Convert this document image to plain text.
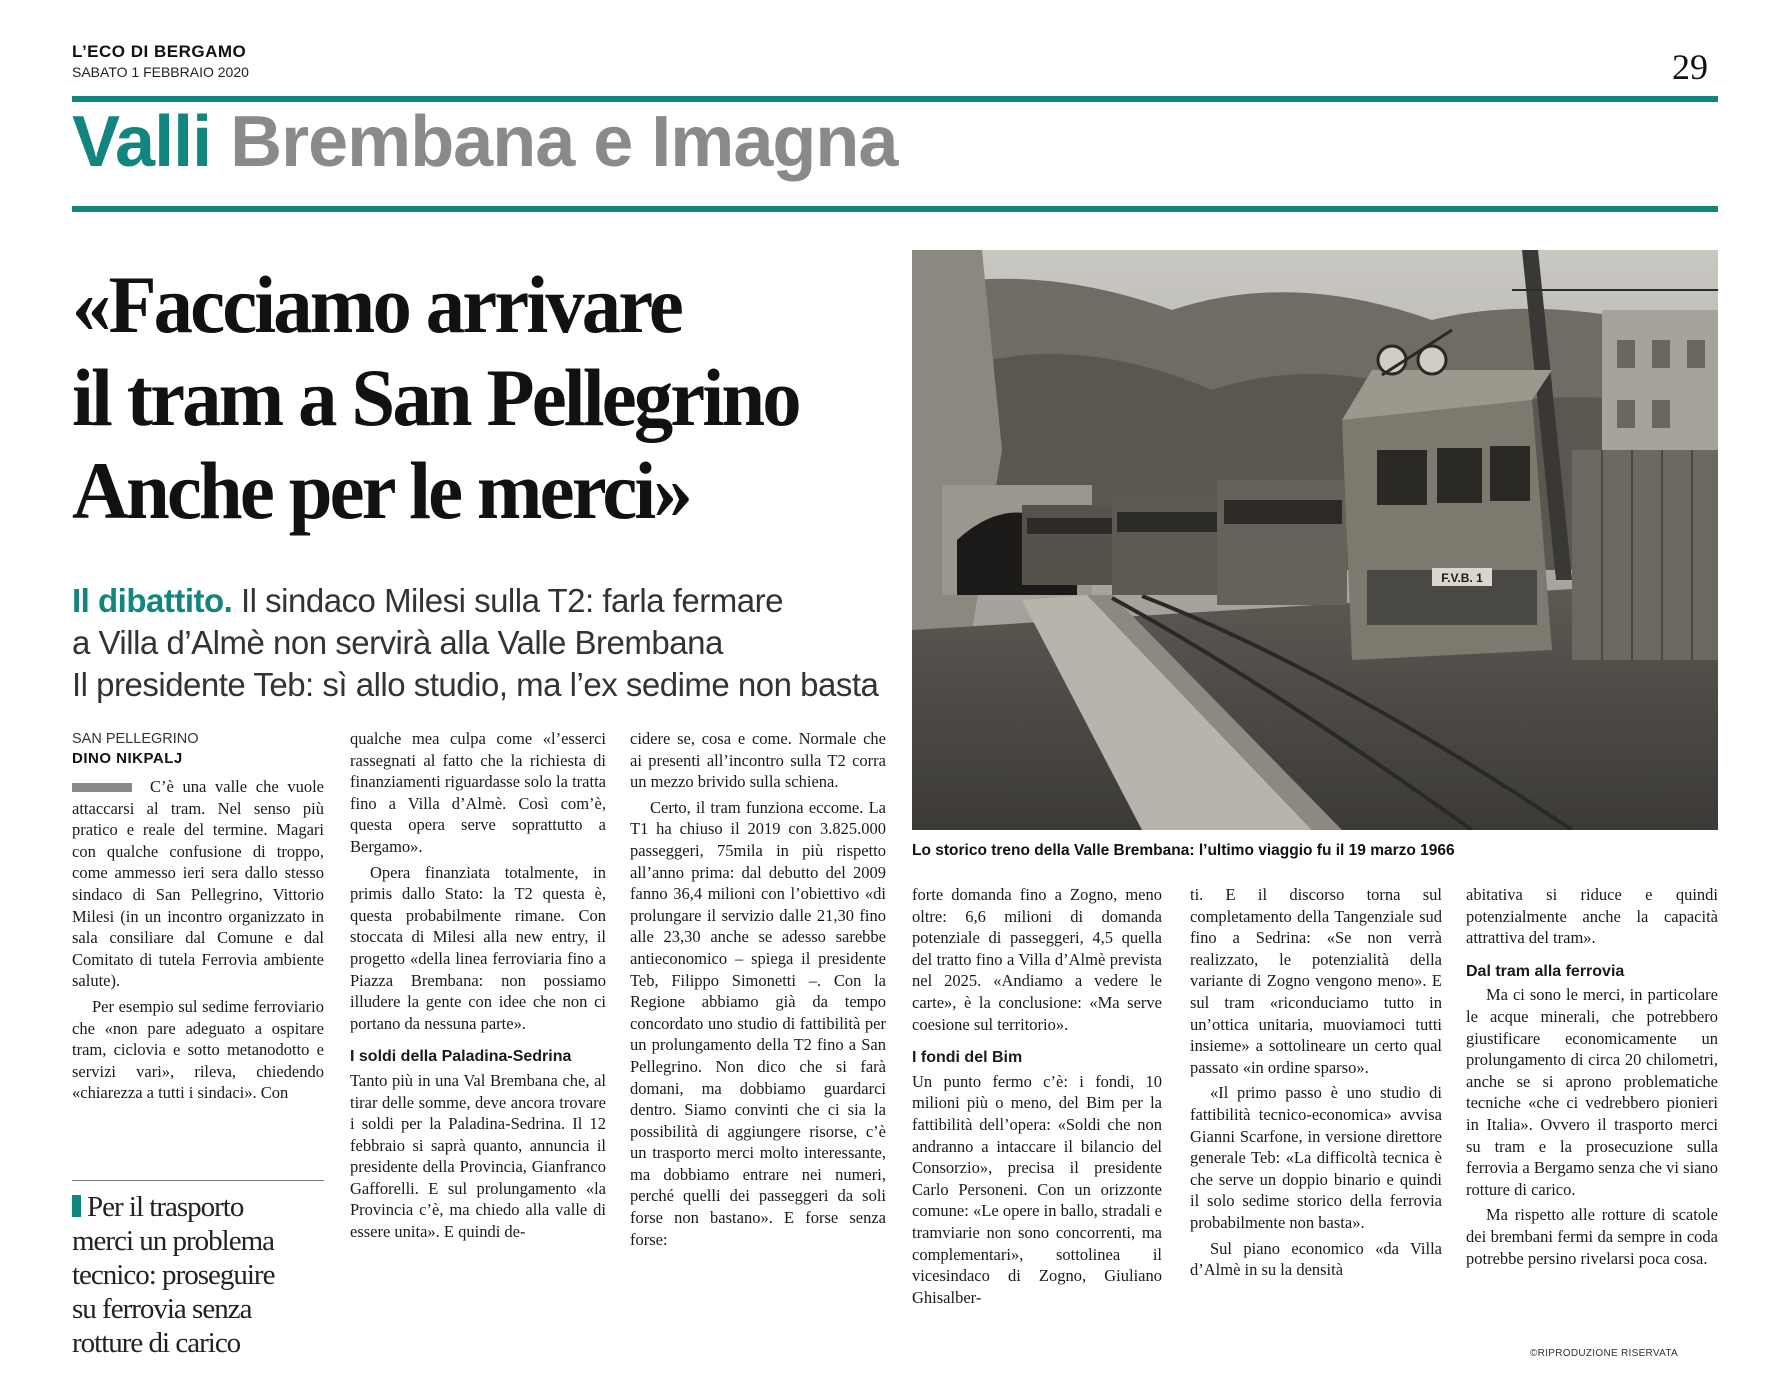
L’ECO DI BERGAMO
SABATO 1 FEBBRAIO 2020	29
Valli Brembana e Imagna
«Facciamo arrivare
il tram a San Pellegrino
Anche per le merci»
Il dibattito. Il sindaco Milesi sulla T2: farla fermare
a Villa d’Almè non servirà alla Valle Brembana
Il presidente Teb: sì allo studio, ma l’ex sedime non basta
F.V.B. 1
Lo storico treno della Valle Brembana: l’ultimo viaggio fu il 19 marzo 1966
SAN PELLEGRINO
DINO NIKPALJ

C’è una valle che vuole attaccarsi al tram. Nel senso più pratico e reale del termine. Magari con qualche confusione di troppo, come ammesso ieri sera dallo stesso sindaco di San Pellegrino, Vittorio Milesi (in un incontro organizzato in sala consiliare dal Comune e dal Comitato di tutela Ferrovia ambiente salute).

Per esempio sul sedime ferroviario che «non pare adeguato a ospitare tram, ciclovia e sotto metanodotto e servizi vari», rileva, chiedendo «chiarezza a tutti i sindaci». Con

Per il trasporto merci un problema tecnico: proseguire su ferrovia senza rotture di carico

qualche mea culpa come «l’esserci rassegnati al fatto che la richiesta di finanziamenti riguardasse solo la tratta fino a Villa d’Almè. Così com’è, questa opera serve soprattutto a Bergamo».

Opera finanziata totalmente, in primis dallo Stato: la T2 questa è, questa probabilmente rimane. Con stoccata di Milesi alla new entry, il progetto «della linea ferroviaria fino a Piazza Brembana: non possiamo illudere la gente con idee che non ci portano da nessuna parte».

I soldi della Paladina-Sedrina

Tanto più in una Val Brembana che, al tirar delle somme, deve ancora trovare i soldi per la Paladina-Sedrina. Il 12 febbraio si saprà quanto, annuncia il presidente della Provincia, Gianfranco Gafforelli. E sul prolungamento «la Provincia c’è, ma chiedo alla valle di essere unita». E quindi de-

cidere se, cosa e come. Normale che ai presenti all’incontro sulla T2 corra un mezzo brivido sulla schiena.

Certo, il tram funziona eccome. La T1 ha chiuso il 2019 con 3.825.000 passeggeri, 75mila in più rispetto all’anno prima: dal debutto del 2009 fanno 36,4 milioni con l’obiettivo «di prolungare il servizio dalle 21,30 fino alle 23,30 anche se adesso sarebbe antieconomico – spiega il presidente Teb, Filippo Simonetti –. Con la Regione abbiamo già da tempo concordato uno studio di fattibilità per un prolungamento della T2 fino a San Pellegrino. Non dico che si farà domani, ma dobbiamo guardarci dentro. Siamo convinti che ci sia la possibilità di aggiungere risorse, c’è un trasporto merci molto interessante, ma dobbiamo entrare nei numeri, perché quelli dei passeggeri da soli forse non bastano». E forse senza forse:

forte domanda fino a Zogno, meno oltre: 6,6 milioni di domanda potenziale di passeggeri, 4,5 quella del tratto fino a Villa d’Almè prevista nel 2025. «Andiamo a vedere le carte», è la conclusione: «Ma serve coesione sul territorio».

I fondi del Bim

Un punto fermo c’è: i fondi, 10 milioni più o meno, del Bim per la fattibilità dell’opera: «Soldi che non andranno a intaccare il bilancio del Consorzio», precisa il presidente Carlo Personeni. Con un orizzonte comune: «Le opere in ballo, stradali e tramviarie non sono concorrenti, ma complementari», sottolinea il vicesindaco di Zogno, Giuliano Ghisalber-

ti. E il discorso torna sul completamento della Tangenziale sud fino a Sedrina: «Se non verrà realizzato, le potenzialità della variante di Zogno vengono meno». E sul tram «riconduciamo tutto in un’ottica unitaria, muoviamoci tutti insieme» a sottolineare un certo qual passato «in ordine sparso».

«Il primo passo è uno studio di fattibilità tecnico-economica» avvisa Gianni Scarfone, in versione direttore generale Teb: «La difficoltà tecnica è che serve un doppio binario e quindi il solo sedime storico della ferrovia probabilmente non basta».

Sul piano economico «da Villa d’Almè in su la densità

abitativa si riduce e quindi potenzialmente anche la capacità attrattiva del tram».

Dal tram alla ferrovia

Ma ci sono le merci, in particolare le acque minerali, che potrebbero giustificare economicamente un prolungamento di circa 20 chilometri, anche se si aprono problematiche tecniche «che ci vedrebbero pionieri in Italia». Ovvero il trasporto merci su tram e la prosecuzione sulla ferrovia a Bergamo senza che vi siano rotture di carico.

Ma rispetto alle rotture di scatole dei brembani fermi da sempre in coda potrebbe persino rivelarsi poca cosa.

©RIPRODUZIONE RISERVATA
